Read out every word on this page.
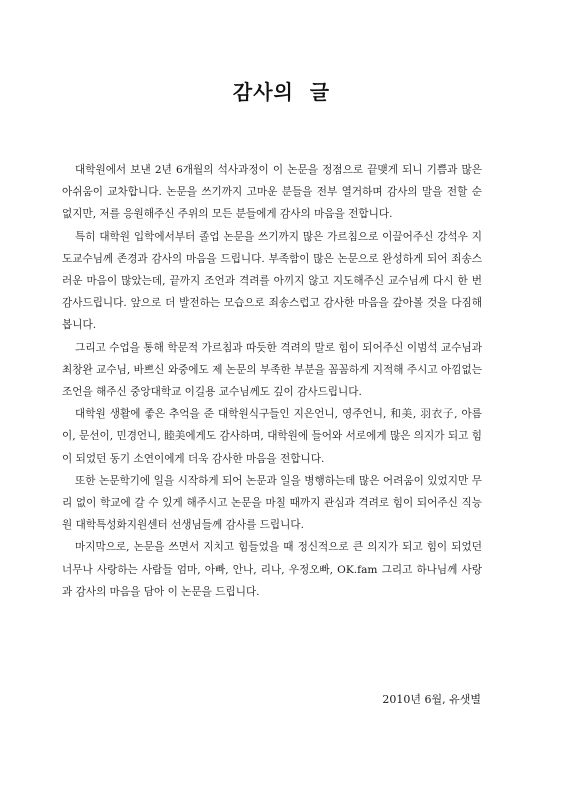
감사의 글

대학원에서 보낸 2년 6개월의 석사과정이 이 논문을 정점으로 끝맺게 되니 기쁨과 많은 아쉬움이 교차합니다. 논문을 쓰기까지 고마운 분들을 전부 열거하며 감사의 말을 전할 순 없지만, 저를 응원해주신 주위의 모든 분들에게 감사의 마음을 전합니다.

특히 대학원 입학에서부터 졸업 논문을 쓰기까지 많은 가르침으로 이끌어주신 강석우 지도교수님께 존경과 감사의 마음을 드립니다. 부족함이 많은 논문으로 완성하게 되어 죄송스러운 마음이 많았는데, 끝까지 조언과 격려를 아끼지 않고 지도해주신 교수님께 다시 한 번 감사드립니다. 앞으로 더 발전하는 모습으로 죄송스럽고 감사한 마음을 갚아볼 것을 다짐해 봅니다.

그리고 수업을 통해 학문적 가르침과 따듯한 격려의 말로 힘이 되어주신 이범석 교수님과 최창완 교수님, 바쁘신 와중에도 제 논문의 부족한 부분을 꼼꼼하게 지적해 주시고 아낌없는 조언을 해주신 중앙대학교 이길용 교수님께도 깊이 감사드립니다.

대학원 생활에 좋은 추억을 준 대학원식구들인 지은언니, 영주언니, 和美, 羽衣子, 아름이, 문선이, 민경언니, 睦美에게도 감사하며, 대학원에 들어와 서로에게 많은 의지가 되고 힘이 되었던 동기 소연이에게 더욱 감사한 마음을 전합니다.

또한 논문학기에 일을 시작하게 되어 논문과 일을 병행하는데 많은 어려움이 있었지만 무리 없이 학교에 갈 수 있게 해주시고 논문을 마칠 때까지 관심과 격려로 힘이 되어주신 직능원 대학특성화지원센터 선생님들께 감사를 드립니다.

마지막으로, 논문을 쓰면서 지치고 힘들었을 때 정신적으로 큰 의지가 되고 힘이 되었던 너무나 사랑하는 사람들 엄마, 아빠, 안나, 리나, 우정오빠, OK.fam 그리고 하나님께 사랑과 감사의 마음을 담아 이 논문을 드립니다.

2010년 6월, 유샛별
